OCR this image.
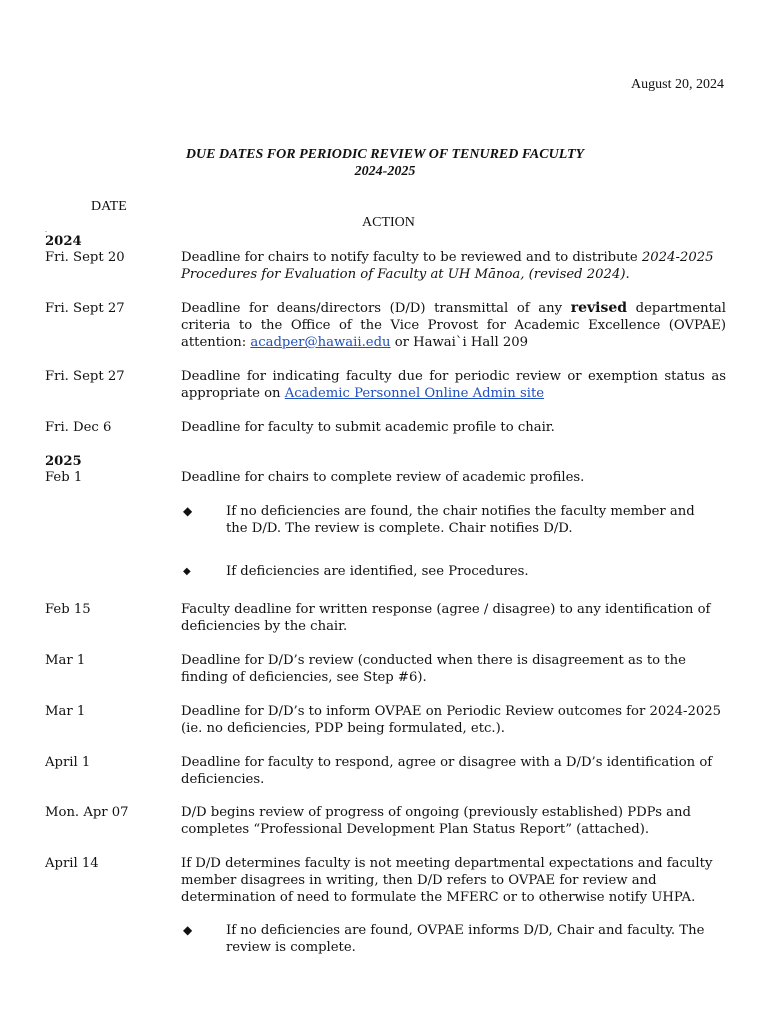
August 20, 2024
DUE DATES FOR PERIODIC REVIEW OF TENURED FACULTY
2024-2025
DATE
ACTION
.
2024
Fri. Sept 20	Deadline for chairs to notify faculty to be reviewed and to distribute 2024-2025
Procedures for Evaluation of Faculty at UH Mānoa, (revised 2024).
Fri. Sept 27	Deadline for deans/directors (D/D) transmittal of any revised departmental criteria to the Office of the Vice Provost for Academic Excellence (OVPAE) attention: acadper@hawaii.edu or Hawai`i Hall 209
Fri. Sept 27	Deadline for indicating faculty due for periodic review or exemption status as appropriate on Academic Personnel Online Admin site
Fri. Dec 6	Deadline for faculty to submit academic profile to chair.
2025
Feb 1	Deadline for chairs to complete review of academic profiles.
◆	If no deficiencies are found, the chair notifies the faculty member and the D/D. The review is complete. Chair notifies D/D.
◆	If deficiencies are identified, see Procedures.
Feb 15	Faculty deadline for written response (agree / disagree) to any identification of deficiencies by the chair.
Mar 1	Deadline for D/D’s review (conducted when there is disagreement as to the finding of deficiencies, see Step #6).
Mar 1	Deadline for D/D’s to inform OVPAE on Periodic Review outcomes for 2024-2025 (ie. no deficiencies, PDP being formulated, etc.).
April 1	Deadline for faculty to respond, agree or disagree with a D/D’s identification of deficiencies.
Mon. Apr 07	D/D begins review of progress of ongoing (previously established) PDPs and completes “Professional Development Plan Status Report” (attached).
April 14	If D/D determines faculty is not meeting departmental expectations and faculty member disagrees in writing, then D/D refers to OVPAE for review and determination of need to formulate the MFERC or to otherwise notify UHPA.
◆	If no deficiencies are found, OVPAE informs D/D, Chair and faculty. The review is complete.
